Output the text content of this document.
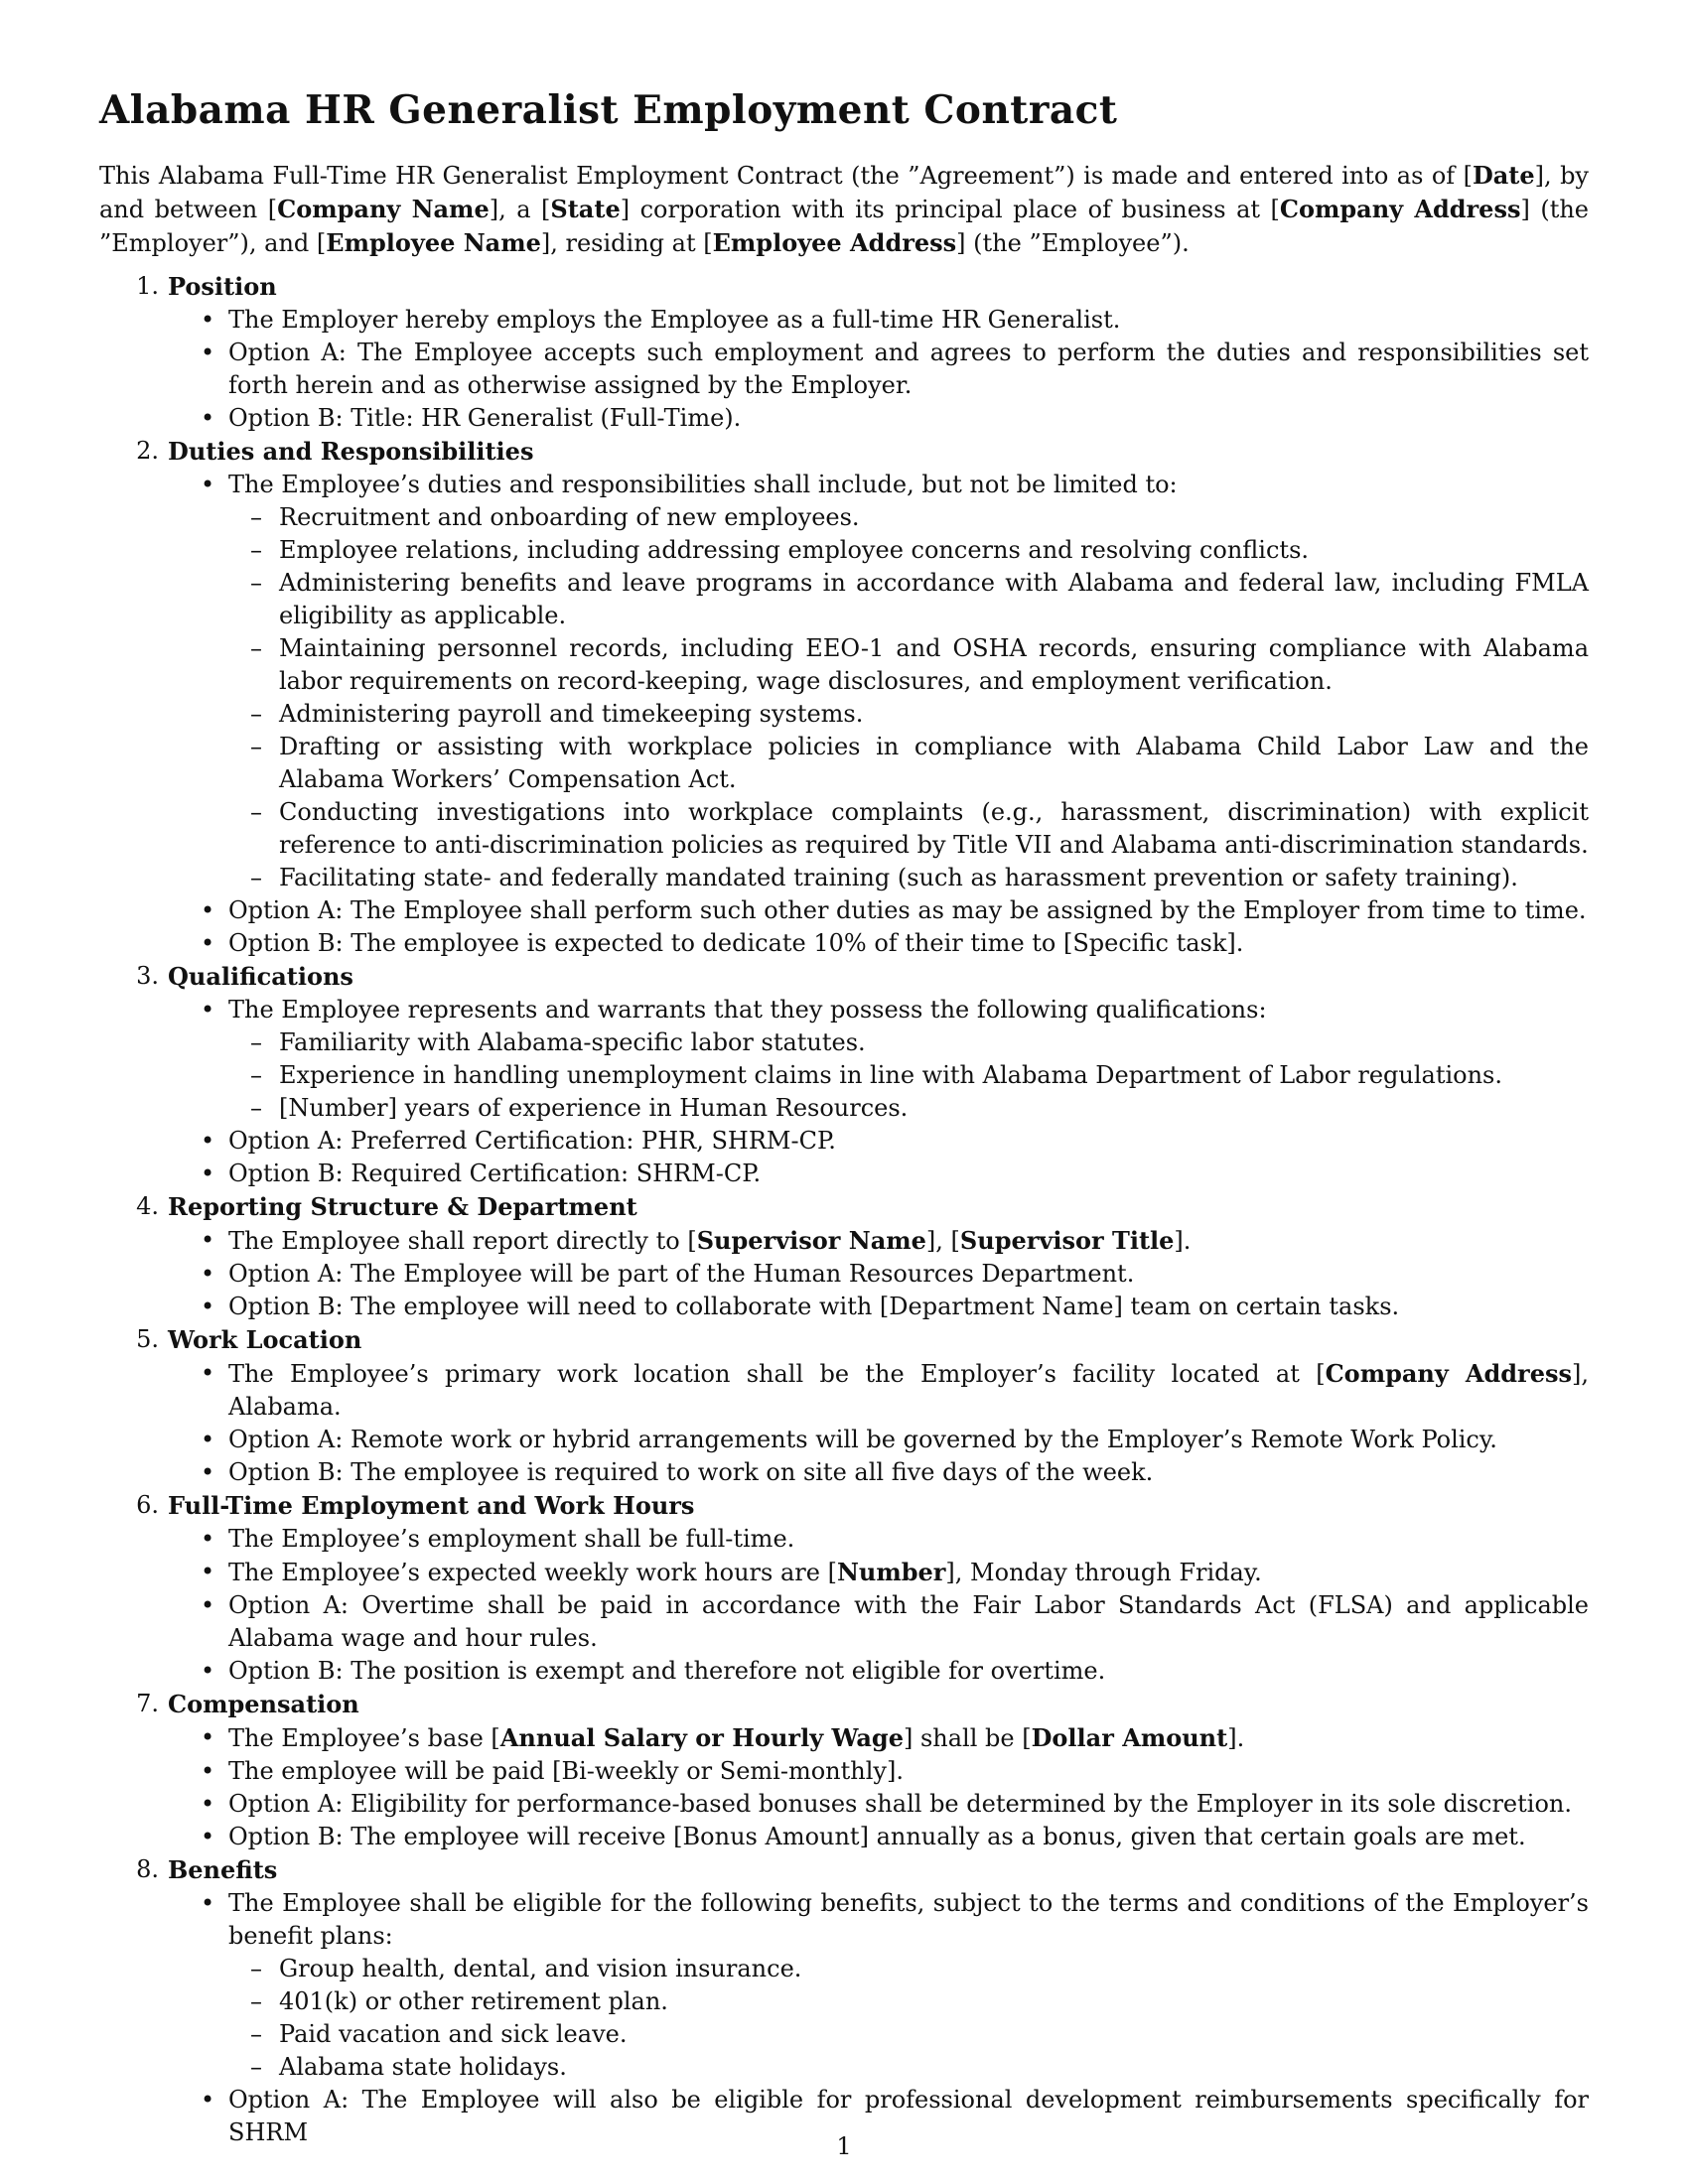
Alabama HR Generalist Employment Contract

This Alabama Full-Time HR Generalist Employment Contract (the ”Agreement”) is made and entered into as of [Date], by and between [Company Name], a [State] corporation with its principal place of business at [Company Address] (the ”Employer”), and [Employee Name], residing at [Employee Address] (the ”Employee”).

1. Position
• The Employer hereby employs the Employee as a full-time HR Generalist.
• Option A: The Employee accepts such employment and agrees to perform the duties and responsibilities set forth herein and as otherwise assigned by the Employer.
• Option B: Title: HR Generalist (Full-Time).
2. Duties and Responsibilities
• The Employee’s duties and responsibilities shall include, but not be limited to:
– Recruitment and onboarding of new employees.
– Employee relations, including addressing employee concerns and resolving conflicts.
– Administering benefits and leave programs in accordance with Alabama and federal law, including FMLA eligibility as applicable.
– Maintaining personnel records, including EEO-1 and OSHA records, ensuring compliance with Alabama labor requirements on record-keeping, wage disclosures, and employment verification.
– Administering payroll and timekeeping systems.
– Drafting or assisting with workplace policies in compliance with Alabama Child Labor Law and the Alabama Workers’ Compensation Act.
– Conducting investigations into workplace complaints (e.g., harassment, discrimination) with explicit reference to anti-discrimination policies as required by Title VII and Alabama anti-discrimination standards.
– Facilitating state- and federally mandated training (such as harassment prevention or safety training).
• Option A: The Employee shall perform such other duties as may be assigned by the Employer from time to time.
• Option B: The employee is expected to dedicate 10% of their time to [Specific task].
3. Qualifications
• The Employee represents and warrants that they possess the following qualifications:
– Familiarity with Alabama-specific labor statutes.
– Experience in handling unemployment claims in line with Alabama Department of Labor regulations.
– [Number] years of experience in Human Resources.
• Option A: Preferred Certification: PHR, SHRM-CP.
• Option B: Required Certification: SHRM-CP.
4. Reporting Structure & Department
• The Employee shall report directly to [Supervisor Name], [Supervisor Title].
• Option A: The Employee will be part of the Human Resources Department.
• Option B: The employee will need to collaborate with [Department Name] team on certain tasks.
5. Work Location
• The Employee’s primary work location shall be the Employer’s facility located at [Company Address], Alabama.
• Option A: Remote work or hybrid arrangements will be governed by the Employer’s Remote Work Policy.
• Option B: The employee is required to work on site all five days of the week.
6. Full-Time Employment and Work Hours
• The Employee’s employment shall be full-time.
• The Employee’s expected weekly work hours are [Number], Monday through Friday.
• Option A: Overtime shall be paid in accordance with the Fair Labor Standards Act (FLSA) and applicable Alabama wage and hour rules.
• Option B: The position is exempt and therefore not eligible for overtime.
7. Compensation
• The Employee’s base [Annual Salary or Hourly Wage] shall be [Dollar Amount].
• The employee will be paid [Bi-weekly or Semi-monthly].
• Option A: Eligibility for performance-based bonuses shall be determined by the Employer in its sole discretion.
• Option B: The employee will receive [Bonus Amount] annually as a bonus, given that certain goals are met.
8. Benefits
• The Employee shall be eligible for the following benefits, subject to the terms and conditions of the Employer’s benefit plans:
– Group health, dental, and vision insurance.
– 401(k) or other retirement plan.
– Paid vacation and sick leave.
– Alabama state holidays.
• Option A: The Employee will also be eligible for professional development reimbursements specifically for SHRM	1
